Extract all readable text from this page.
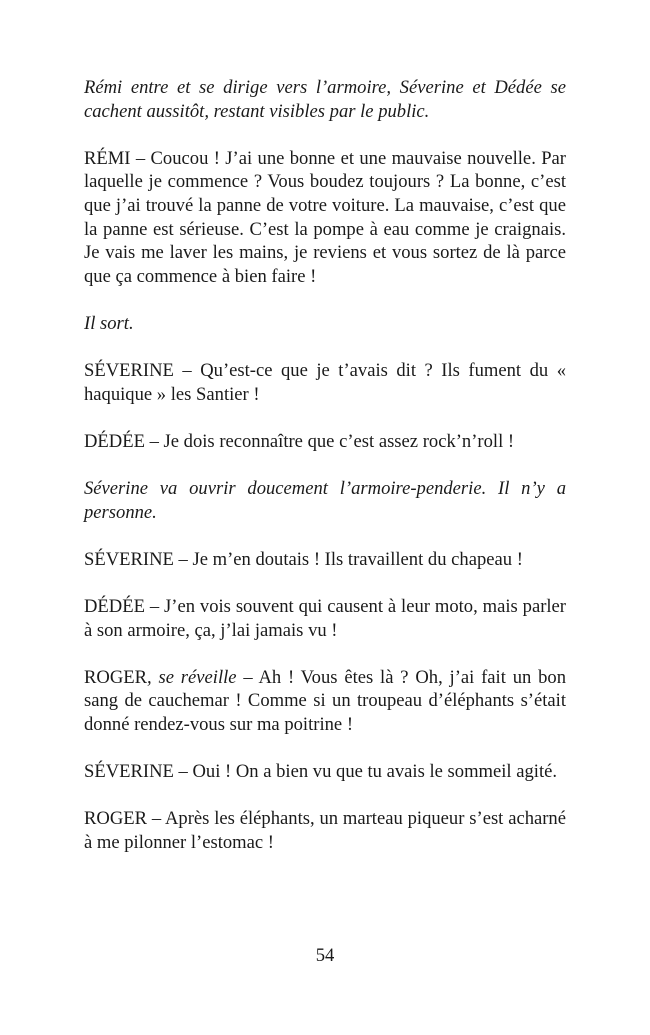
Rémi entre et se dirige vers l’armoire, Séverine et Dédée se cachent aussitôt, restant visibles par le public.

RÉMI – Coucou ! J’ai une bonne et une mauvaise nouvelle. Par laquelle je commence ? Vous boudez toujours ? La bonne, c’est que j’ai trouvé la panne de votre voiture. La mauvaise, c’est que la panne est sérieuse. C’est la pompe à eau comme je craignais. Je vais me laver les mains, je reviens et vous sortez de là parce que ça commence à bien faire !

Il sort.

SÉVERINE – Qu’est-ce que je t’avais dit ? Ils fument du « haquique » les Santier !

DÉDÉE – Je dois reconnaître que c’est assez rock’n’roll !

Séverine va ouvrir doucement l’armoire-penderie. Il n’y a personne.

SÉVERINE – Je m’en doutais ! Ils travaillent du chapeau !

DÉDÉE – J’en vois souvent qui causent à leur moto, mais parler à son armoire, ça, j’lai jamais vu !

ROGER, se réveille – Ah ! Vous êtes là ? Oh, j’ai fait un bon sang de cauchemar ! Comme si un troupeau d’éléphants s’était donné rendez-vous sur ma poitrine !

SÉVERINE – Oui ! On a bien vu que tu avais le sommeil agité.

ROGER – Après les éléphants, un marteau piqueur s’est acharné à me pilonner l’estomac !

54
